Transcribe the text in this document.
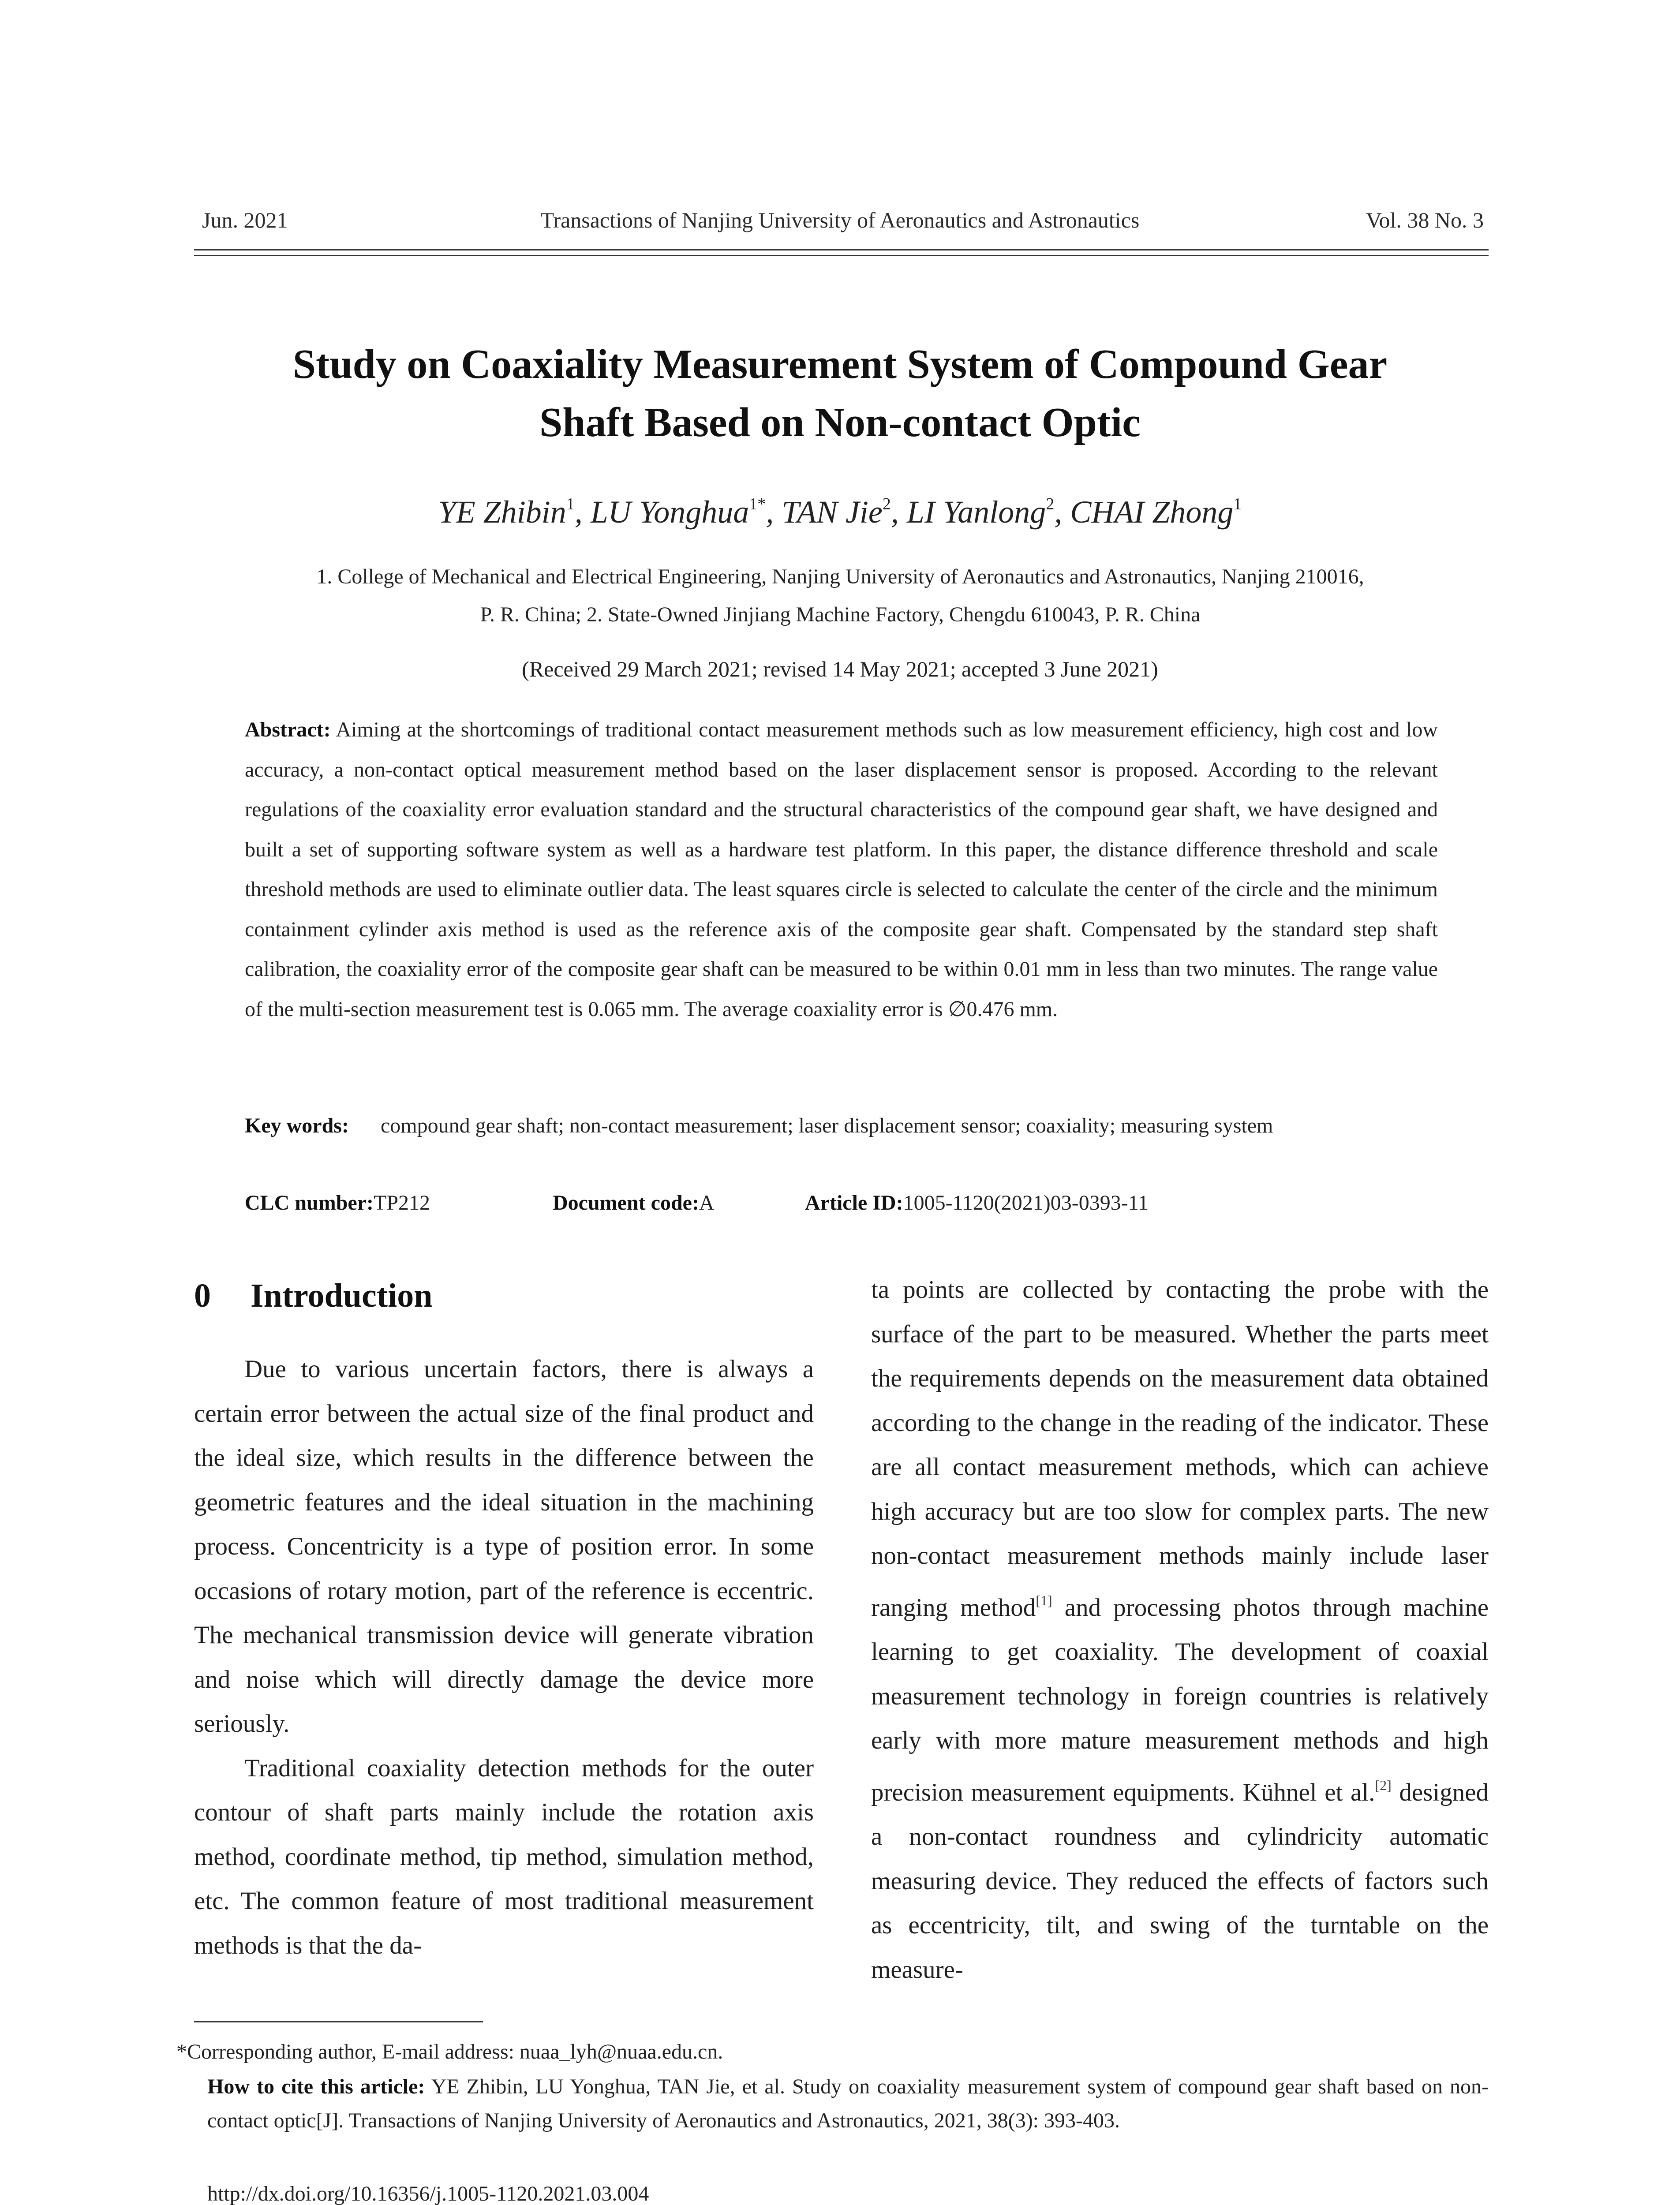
Jun. 2021	Transactions of Nanjing University of Aeronautics and Astronautics	Vol. 38 No. 3
Study on Coaxiality Measurement System of Compound Gear
Shaft Based on Non-contact Optic
YE Zhibin$^1$, LU Yonghua$^{1*}$, TAN Jie$^2$, LI Yanlong$^2$, CHAI Zhong$^1$
1. College of Mechanical and Electrical Engineering, Nanjing University of Aeronautics and Astronautics, Nanjing 210016,
P. R. China; 2. State-Owned Jinjiang Machine Factory, Chengdu 610043, P. R. China
(Received 29 March 2021; revised 14 May 2021; accepted 3 June 2021)
Abstract: Aiming at the shortcomings of traditional contact measurement methods such as low measurement efficiency, high cost and low accuracy, a non-contact optical measurement method based on the laser displacement sensor is proposed. According to the relevant regulations of the coaxiality error evaluation standard and the structural characteristics of the compound gear shaft, we have designed and built a set of supporting software system as well as a hardware test platform. In this paper, the distance difference threshold and scale threshold methods are used to eliminate outlier data. The least squares circle is selected to calculate the center of the circle and the minimum containment cylinder axis method is used as the reference axis of the composite gear shaft. Compensated by the standard step shaft calibration, the coaxiality error of the composite gear shaft can be measured to be within 0.01 mm in less than two minutes. The range value of the multi-section measurement test is 0.065 mm. The average coaxiality error is ∅0.476 mm.
Key words: compound gear shaft; non-contact measurement; laser displacement sensor; coaxiality; measuring system
CLC number:TP212	Document code:A	Article ID:1005-1120(2021)03-0393-11
0 Introduction

Due to various uncertain factors, there is always a certain error between the actual size of the final product and the ideal size, which results in the difference between the geometric features and the ideal situation in the machining process. Concentricity is a type of position error. In some occasions of rotary motion, part of the reference is eccentric. The mechanical transmission device will generate vibration and noise which will directly damage the device more seriously.

Traditional coaxiality detection methods for the outer contour of shaft parts mainly include the rotation axis method, coordinate method, tip method, simulation method, etc. The common feature of most traditional measurement methods is that the da-

ta points are collected by contacting the probe with the surface of the part to be measured. Whether the parts meet the requirements depends on the measurement data obtained according to the change in the reading of the indicator. These are all contact measurement methods, which can achieve high accuracy but are too slow for complex parts. The new non-contact measurement methods mainly include laser ranging method[1] and processing photos through machine learning to get coaxiality. The development of coaxial measurement technology in foreign countries is relatively early with more mature measurement methods and high precision measurement equipments. Kühnel et al.[2] designed a non-contact roundness and cylindricity automatic measuring device. They reduced the effects of factors such as eccentricity, tilt, and swing of the turntable on the measure-

*Corresponding author, E-mail address: nuaa_lyh@nuaa.edu.cn.
How to cite this article: YE Zhibin, LU Yonghua, TAN Jie, et al. Study on coaxiality measurement system of compound gear shaft based on non-contact optic[J]. Transactions of Nanjing University of Aeronautics and Astronautics, 2021, 38(3): 393-403.
http://dx.doi.org/10.16356/j.1005-1120.2021.03.004
